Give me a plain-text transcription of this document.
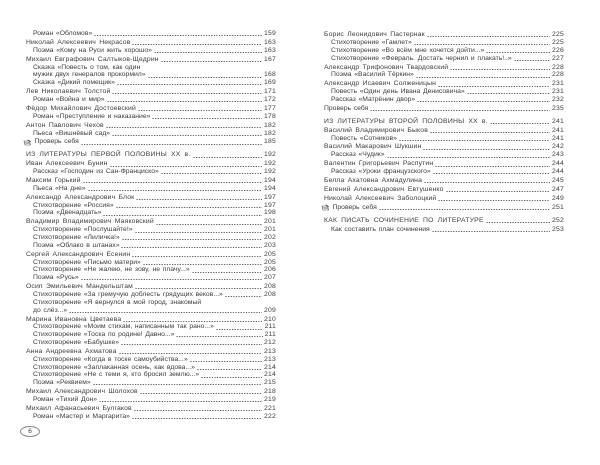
Роман «Обломов»	159
Николай Алексеевич Некрасов	163
Поэма «Кому на Руси жить хорошо»	163
Михаил Евграфович Салтыков-Щедрин	167
Сказка «Повесть о том, как один
мужик двух генералов прокормил»	168
Сказка «Дикий помещик»	169
Лев Николаевич Толстой	171
Роман «Война и мир»	172
Фёдор Михайлович Достоевский	177
Роман «Преступление и наказание»	178
Антон Павлович Чехов	182
Пьеса «Вишнёвый сад»	182
Проверь себя	185
ИЗ ЛИТЕРАТУРЫ ПЕРВОЙ ПОЛОВИНЫ XX в.	192
Иван Алексеевич Бунин	192
Рассказ «Господин из Сан-Франциско»	192
Максим Горький	194
Пьеса «На дне»	194
Александр Александрович Блок	197
Стихотворение «Россия»	197
Поэма «Двенадцать»	198
Владимир Владимирович Маяковский	201
Стихотворение «Послушайте!»	201
Стихотворение «Лиличка!»	202
Поэма «Облако в штанах»	203
Сергей Александрович Есенин	205
Стихотворение «Письмо матери»	205
Стихотворение «Не жалею, не зову, не плачу...»	206
Поэма «Русь»	207
Осип Эмильевич Мандельштам	208
Стихотворение «За гремучую доблесть грядущих веков...»	208
Стихотворение «Я вернулся в мой город, знакомый
до слёз...»	209
Марина Ивановна Цветаева	210
Стихотворение «Моим стихам, написанным так рано...»	211
Стихотворение «Тоска по родине! Давно...»	211
Стихотворение «Бабушке»	212
Анна Андреевна Ахматова	213
Стихотворение «Когда в тоске самоубийства...»	213
Стихотворение «Заплаканная осень, как вдова...»	214
Стихотворение «Не с теми я, кто бросил землю...»	214
Поэма «Реквием»	215
Михаил Александрович Шолохов	218
Роман «Тихий Дон»	219
Михаил Афанасьевич Булгаков	221
Роман «Мастер и Маргарита»	222
Борис Леонидович Пастернак	225
Стихотворение «Гамлет»	225
Стихотворение «Во всём мне хочется дойти...»	226
Стихотворение «Февраль. Достать чернил и плакать!..»	227
Александр Трифонович Твардовский	228
Поэма «Василий Тёркин»	228
Александр Исаевич Солженицын	231
Повесть «Один день Ивана Денисовича»	231
Рассказ «Матрёнин двор»	232
Проверь себя	235
ИЗ ЛИТЕРАТУРЫ ВТОРОЙ ПОЛОВИНЫ XX в.	241
Василий Владимирович Быков	241
Повесть «Сотников»	241
Василий Макарович Шукшин	242
Рассказ «Чудик»	243
Валентин Григорьевич Распутин	244
Рассказ «Уроки французского»	244
Белла Ахатовна Ахмадулина	245
Евгений Александрович Евтушенко	247
Николай Алексеевич Заболоцкий	249
Проверь себя	251
КАК ПИСАТЬ СОЧИНЕНИЕ ПО ЛИТЕРАТУРЕ	252
Как составить план сочинения	253
6
